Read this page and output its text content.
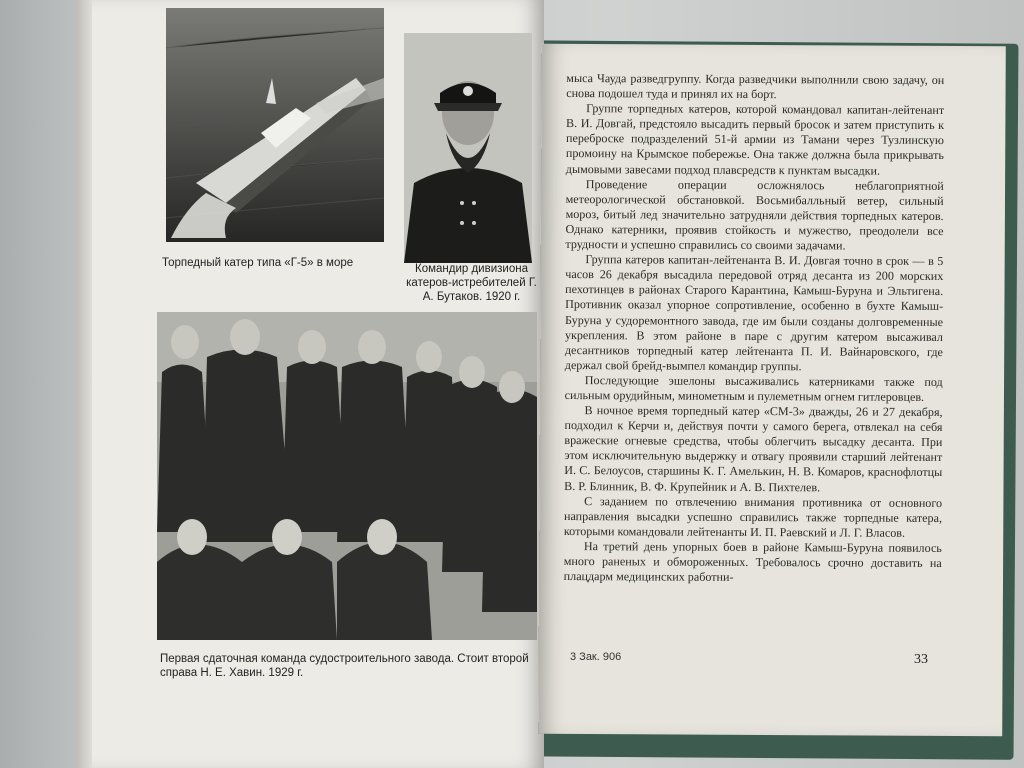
Торпедный катер типа «Г-5» в море	Командир дивизиона катеров-истребителей Г. А. Бутаков. 1920 г.
Первая сдаточная команда судостроительного завода. Стоит второй справа Н. Е. Хавин. 1929 г.

мыса Чауда разведгруппу. Когда разведчики выполнили свою задачу, он снова подошел туда и принял их на борт.

Группе торпедных катеров, которой командовал капитан-лейтенант В. И. Довгай, предстояло высадить первый бросок и затем приступить к переброске подразделений 51-й армии из Тамани через Тузлинскую промоину на Крымское побережье. Она также должна была прикрывать дымовыми завесами подход плавсредств к пунктам высадки.

Проведение операции осложнялось неблагоприятной метеорологической обстановкой. Восьмибалльный ветер, сильный мороз, битый лед значительно затрудняли действия торпедных катеров. Однако катерники, проявив стойкость и мужество, преодолели все трудности и успешно справились со своими задачами.

Группа катеров капитан-лейтенанта В. И. Довгая точно в срок — в 5 часов 26 декабря высадила передовой отряд десанта из 200 морских пехотинцев в районах Старого Карантина, Камыш-Буруна и Эльтигена. Противник оказал упорное сопротивление, особенно в бухте Камыш-Буруна у судоремонтного завода, где им были созданы долговременные укрепления. В этом районе в паре с другим катером высаживал десантников торпедный катер лейтенанта П. И. Вайнаровского, где держал свой брейд-вымпел командир группы.

Последующие эшелоны высаживались катерниками также под сильным орудийным, минометным и пулеметным огнем гитлеровцев.

В ночное время торпедный катер «СМ-3» дважды, 26 и 27 декабря, подходил к Керчи и, действуя почти у самого берега, отвлекал на себя вражеские огневые средства, чтобы облегчить высадку десанта. При этом исключительную выдержку и отвагу проявили старший лейтенант И. С. Белоусов, старшины К. Г. Амелькин, Н. В. Комаров, краснофлотцы В. Р. Блинник, В. Ф. Крупейник и А. В. Пихтелев.

С заданием по отвлечению внимания противника от основного направления высадки успешно справились также торпедные катера, которыми командовали лейтенанты И. П. Раевский и Л. Г. Власов.

На третий день упорных боев в районе Камыш-Буруна появилось много раненых и обмороженных. Требовалось срочно доставить на плацдарм медицинских работни-

3 Зак. 906	33
